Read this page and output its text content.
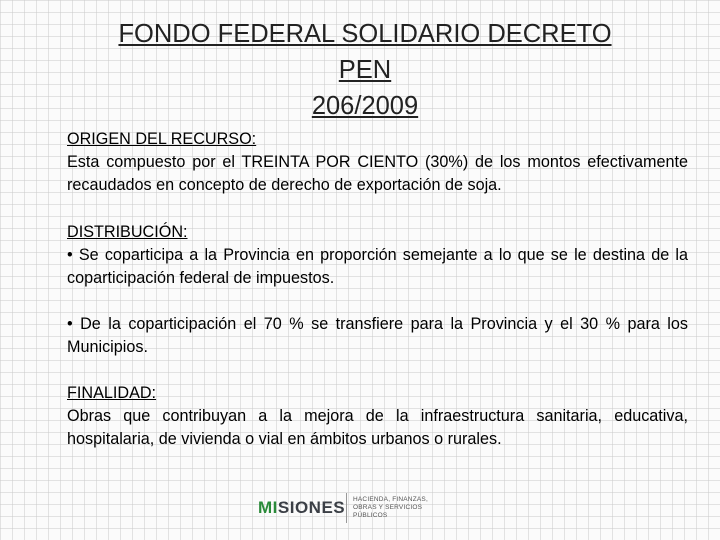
FONDO FEDERAL SOLIDARIO DECRETO PEN
206/2009
ORIGEN DEL RECURSO:

Esta compuesto por el TREINTA POR CIENTO (30%) de los montos efectivamente recaudados en concepto de derecho de exportación de soja.

DISTRIBUCIÓN:

• Se coparticipa a la Provincia en proporción semejante a lo que se le destina de la coparticipación federal de impuestos.

• De la coparticipación el 70 % se transfiere para la Provincia y el 30 % para los Municipios.

FINALIDAD:

Obras que contribuyan a la mejora de la infraestructura sanitaria, educativa, hospitalaria, de vivienda o vial en ámbitos urbanos o rurales.

MISIONES HACIENDA, FINANZAS,
OBRAS Y SERVICIOS PÚBLICOS
